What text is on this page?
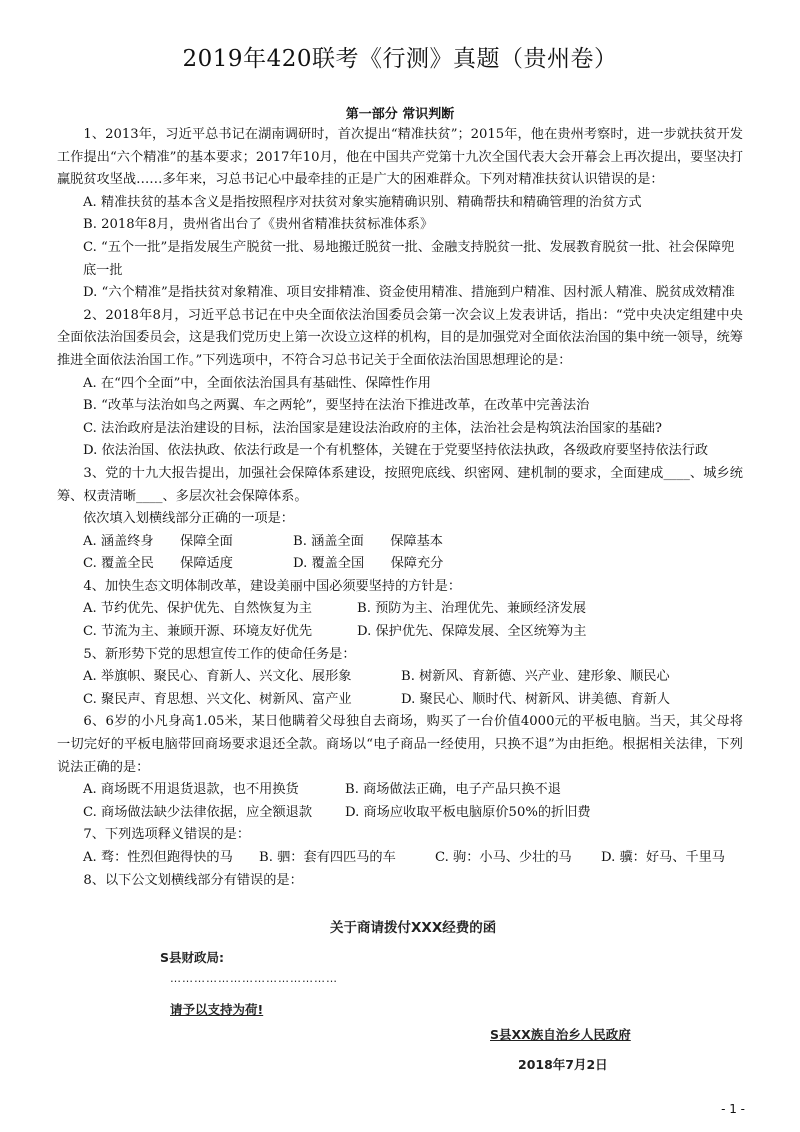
2019年420联考《行测》真题（贵州卷）
第一部分 常识判断

1、2013年，习近平总书记在湖南调研时，首次提出“精准扶贫”；2015年，他在贵州考察时，进一步就扶贫开发工作提出“六个精准”的基本要求；2017年10月，他在中国共产党第十九次全国代表大会开幕会上再次提出，要坚决打赢脱贫攻坚战……多年来，习总书记心中最牵挂的正是广大的困难群众。下列对精准扶贫认识错误的是：

A. 精准扶贫的基本含义是指按照程序对扶贫对象实施精确识别、精确帮扶和精确管理的治贫方式

B. 2018年8月，贵州省出台了《贵州省精准扶贫标准体系》

C. “五个一批”是指发展生产脱贫一批、易地搬迁脱贫一批、金融支持脱贫一批、发展教育脱贫一批、社会保障兜底一批

D. “六个精准”是指扶贫对象精准、项目安排精准、资金使用精准、措施到户精准、因村派人精准、脱贫成效精准

2、2018年8月，习近平总书记在中央全面依法治国委员会第一次会议上发表讲话，指出：“党中央决定组建中央全面依法治国委员会，这是我们党历史上第一次设立这样的机构，目的是加强党对全面依法治国的集中统一领导，统筹推进全面依法治国工作。”下列选项中，不符合习总书记关于全面依法治国思想理论的是：

A. 在“四个全面”中，全面依法治国具有基础性、保障性作用

B. “改革与法治如鸟之两翼、车之两轮”，要坚持在法治下推进改革，在改革中完善法治

C. 法治政府是法治建设的目标，法治国家是建设法治政府的主体，法治社会是构筑法治国家的基础?

D. 依法治国、依法执政、依法行政是一个有机整体，关键在于党要坚持依法执政，各级政府要坚持依法行政

3、党的十九大报告提出，加强社会保障体系建设，按照兜底线、织密网、建机制的要求，全面建成____、城乡统筹、权责清晰____、多层次社会保障体系。

依次填入划横线部分正确的一项是：

A. 涵盖终身　　保障全面	B. 涵盖全面　　保障基本
C. 覆盖全民　　保障适度	D. 覆盖全国　　保障充分

4、加快生态文明体制改革，建设美丽中国必须要坚持的方针是：

A. 节约优先、保护优先、自然恢复为主	B. 预防为主、治理优先、兼顾经济发展
C. 节流为主、兼顾开源、环境友好优先	D. 保护优先、保障发展、全区统筹为主

5、新形势下党的思想宣传工作的使命任务是：

A. 举旗帜、聚民心、育新人、兴文化、展形象	B. 树新风、育新德、兴产业、建形象、顺民心
C. 聚民声、育思想、兴文化、树新风、富产业	D. 聚民心、顺时代、树新风、讲美德、育新人

6、6岁的小凡身高1.05米，某日他瞒着父母独自去商场，购买了一台价值4000元的平板电脑。当天，其父母将一切完好的平板电脑带回商场要求退还全款。商场以“电子商品一经使用，只换不退”为由拒绝。根据相关法律，下列说法正确的是：

A. 商场既不用退货退款，也不用换货	B. 商场做法正确，电子产品只换不退
C. 商场做法缺少法律依据，应全额退款	D. 商场应收取平板电脑原价50%的折旧费

7、下列选项释义错误的是：

A. 骛：性烈但跑得快的马	B. 驷：套有四匹马的车	C. 驹：小马、少壮的马	D. 骥：好马、千里马

8、以下公文划横线部分有错误的是：

关于商请拨付XXX经费的函
S县财政局:
……………………………………
请予以支持为荷!
S县XX族自治乡人民政府
2018年7月2日
- 1 -
